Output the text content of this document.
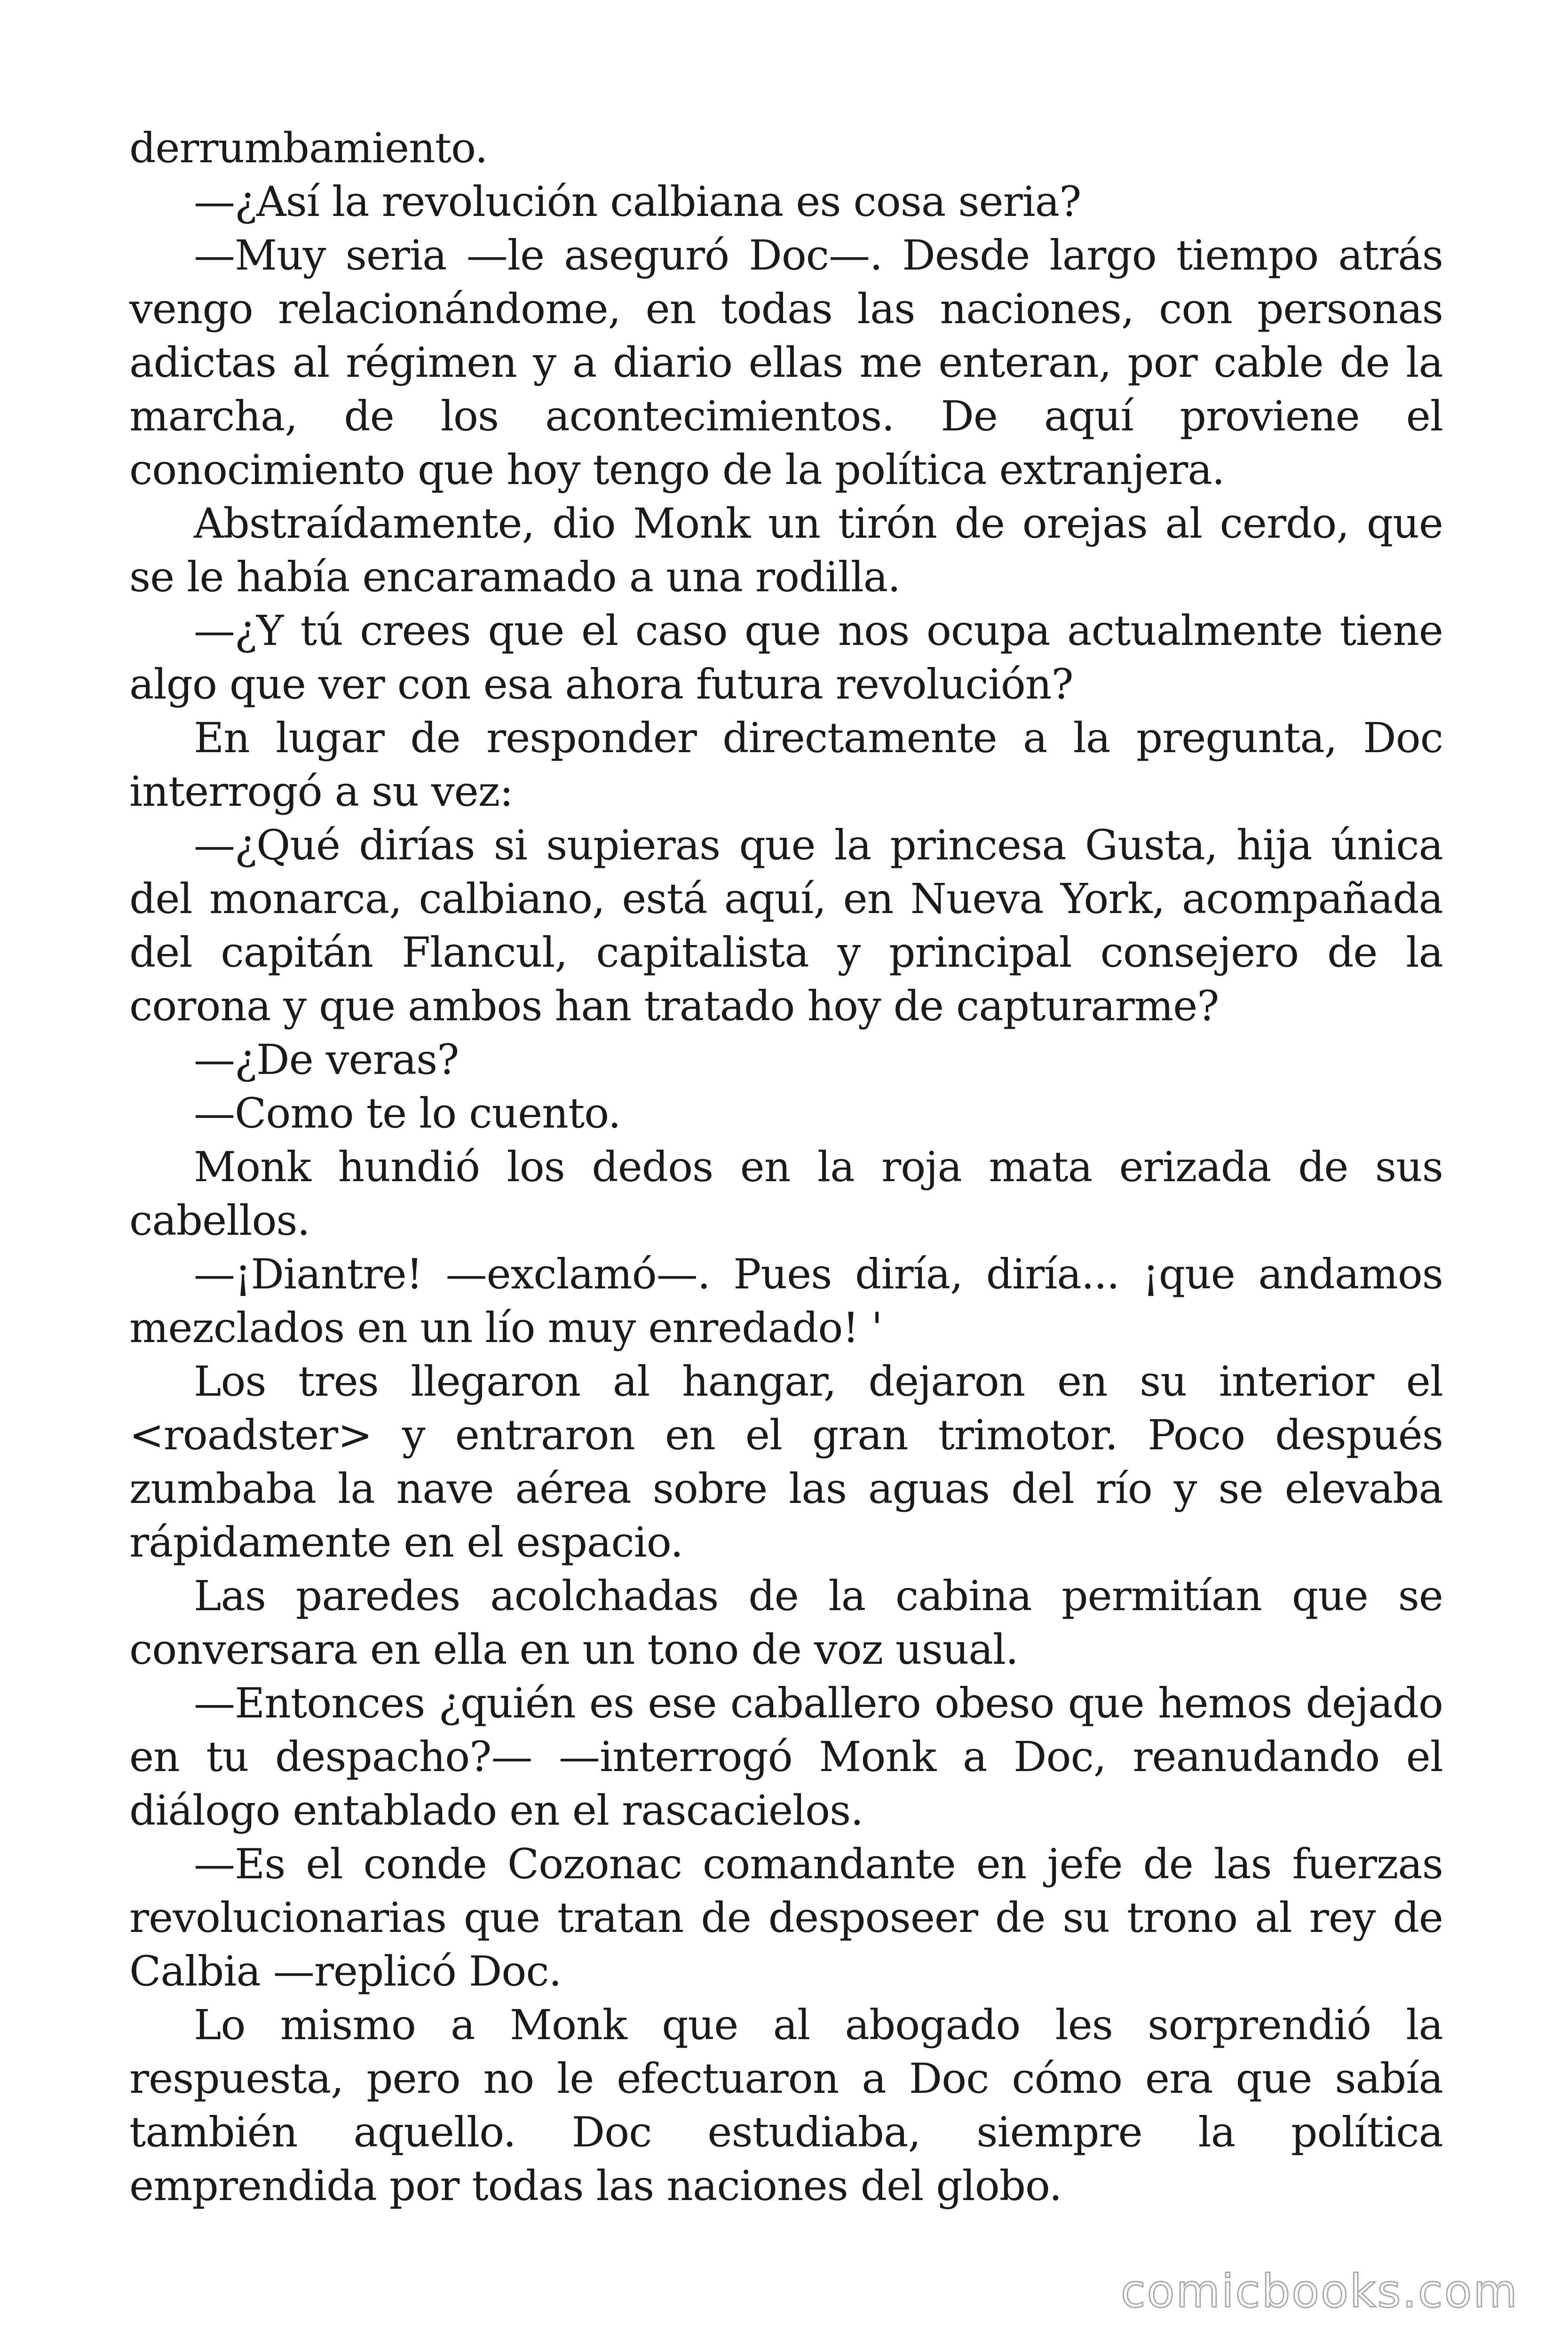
derrumbamiento.

—¿Así la revolución calbiana es cosa seria?

—Muy seria —le aseguró Doc—. Desde largo tiempo atrás vengo relacionándome, en todas las naciones, con personas adictas al régimen y a diario ellas me enteran, por cable de la marcha, de los acontecimientos. De aquí proviene el conocimiento que hoy tengo de la política extranjera.

Abstraídamente, dio Monk un tirón de orejas al cerdo, que se le había encaramado a una rodilla.

—¿Y tú crees que el caso que nos ocupa actualmente tiene algo que ver con esa ahora futura revolución?

En lugar de responder directamente a la pregunta, Doc interrogó a su vez:

—¿Qué dirías si supieras que la princesa Gusta, hija única del monarca, calbiano, está aquí, en Nueva York, acompañada del capitán Flancul, capitalista y principal consejero de la corona y que ambos han tratado hoy de capturarme?

—¿De veras?

—Como te lo cuento.

Monk hundió los dedos en la roja mata erizada de sus cabellos.

—¡Diantre! —exclamó—. Pues diría, diría... ¡que andamos mezclados en un lío muy enredado! '

Los tres llegaron al hangar, dejaron en su interior el <roadster> y entraron en el gran trimotor. Poco después zumbaba la nave aérea sobre las aguas del río y se elevaba rápidamente en el espacio.

Las paredes acolchadas de la cabina permitían que se conversara en ella en un tono de voz usual.

—Entonces ¿quién es ese caballero obeso que hemos dejado en tu despacho?— —interrogó Monk a Doc, reanudando el diálogo entablado en el rascacielos.

—Es el conde Cozonac comandante en jefe de las fuerzas revolucionarias que tratan de desposeer de su trono al rey de Calbia —replicó Doc.

Lo mismo a Monk que al abogado les sorprendió la respuesta, pero no le efectuaron a Doc cómo era que sabía también aquello. Doc estudiaba, siempre la política emprendida por todas las naciones del globo.

comicbooks.com
